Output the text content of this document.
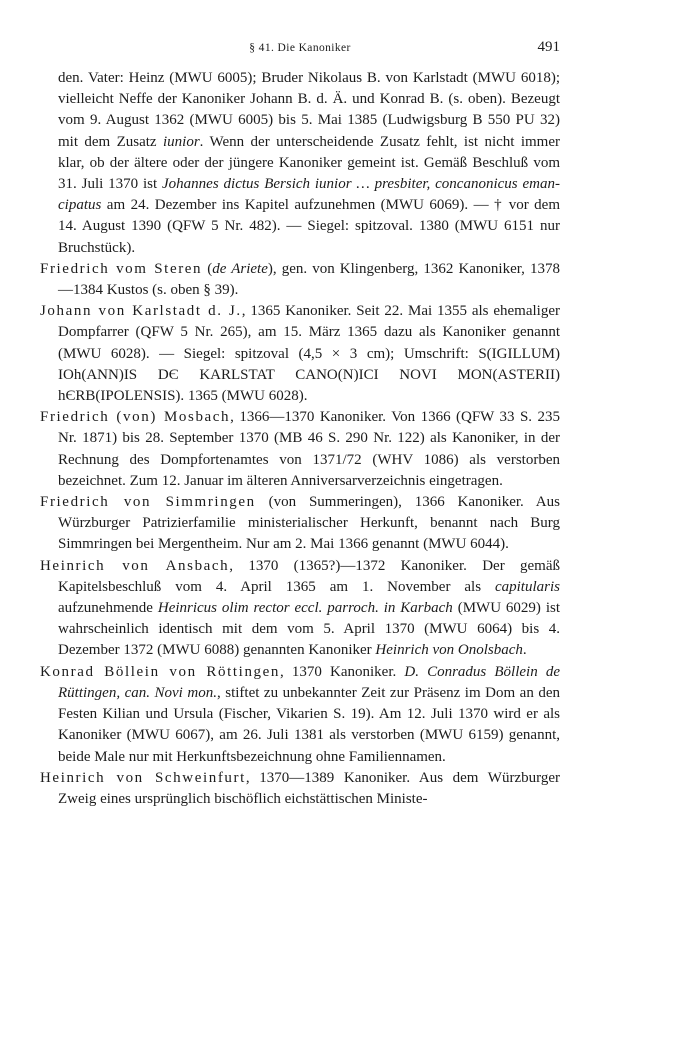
§ 41. Die Kanoniker	491

den. Vater: Heinz (MWU 6005); Bruder Nikolaus B. von Karlstadt (MWU 6018); vielleicht Neffe der Kanoniker Johann B. d. Ä. und Konrad B. (s. oben). Bezeugt vom 9. August 1362 (MWU 6005) bis 5. Mai 1385 (Ludwigsburg B 550 PU 32) mit dem Zusatz iunior. Wenn der unterscheidende Zusatz fehlt, ist nicht immer klar, ob der ältere oder der jüngere Kanoniker gemeint ist. Gemäß Beschluß vom 31. Juli 1370 ist Johannes dictus Bersich iunior … presbiter, concanonicus emancipatus am 24. Dezember ins Kapitel aufzunehmen (MWU 6069). — † vor dem 14. August 1390 (QFW 5 Nr. 482). — Siegel: spitzoval. 1380 (MWU 6151 nur Bruchstück).

Friedrich vom Steren (de Ariete), gen. von Klingenberg, 1362 Kanoniker, 1378—1384 Kustos (s. oben § 39).

Johann von Karlstadt d. J., 1365 Kanoniker. Seit 22. Mai 1355 als ehemaliger Dompfarrer (QFW 5 Nr. 265), am 15. März 1365 dazu als Kanoniker genannt (MWU 6028). — Siegel: spitzoval (4,5 × 3 cm); Umschrift: S(IGILLUM) IOh(ANN)IS DЄ KARLSTAT CANO(N)ICI NOVI MON(ASTERII) hЄRB(IPOLENSIS). 1365 (MWU 6028).

Friedrich (von) Mosbach, 1366—1370 Kanoniker. Von 1366 (QFW 33 S. 235 Nr. 1871) bis 28. September 1370 (MB 46 S. 290 Nr. 122) als Kanoniker, in der Rechnung des Dompfortenamtes von 1371/72 (WHV 1086) als verstorben bezeichnet. Zum 12. Januar im älteren Anniversarverzeichnis eingetragen.

Friedrich von Simmringen (von Summeringen), 1366 Kanoniker. Aus Würzburger Patrizierfamilie ministerialischer Herkunft, benannt nach Burg Simmringen bei Mergentheim. Nur am 2. Mai 1366 genannt (MWU 6044).

Heinrich von Ansbach, 1370 (1365?)—1372 Kanoniker. Der gemäß Kapitelsbeschluß vom 4. April 1365 am 1. November als capitularis aufzunehmende Heinricus olim rector eccl. parroch. in Karbach (MWU 6029) ist wahrscheinlich identisch mit dem vom 5. April 1370 (MWU 6064) bis 4. Dezember 1372 (MWU 6088) genannten Kanoniker Heinrich von Onolsbach.

Konrad Böllein von Röttingen, 1370 Kanoniker. D. Conradus Böllein de Rüttingen, can. Novi mon., stiftet zu unbekannter Zeit zur Präsenz im Dom an den Festen Kilian und Ursula (Fischer, Vikarien S. 19). Am 12. Juli 1370 wird er als Kanoniker (MWU 6067), am 26. Juli 1381 als verstorben (MWU 6159) genannt, beide Male nur mit Herkunftsbezeichnung ohne Familiennamen.

Heinrich von Schweinfurt, 1370—1389 Kanoniker. Aus dem Würzburger Zweig eines ursprünglich bischöflich eichstättischen Ministe-
